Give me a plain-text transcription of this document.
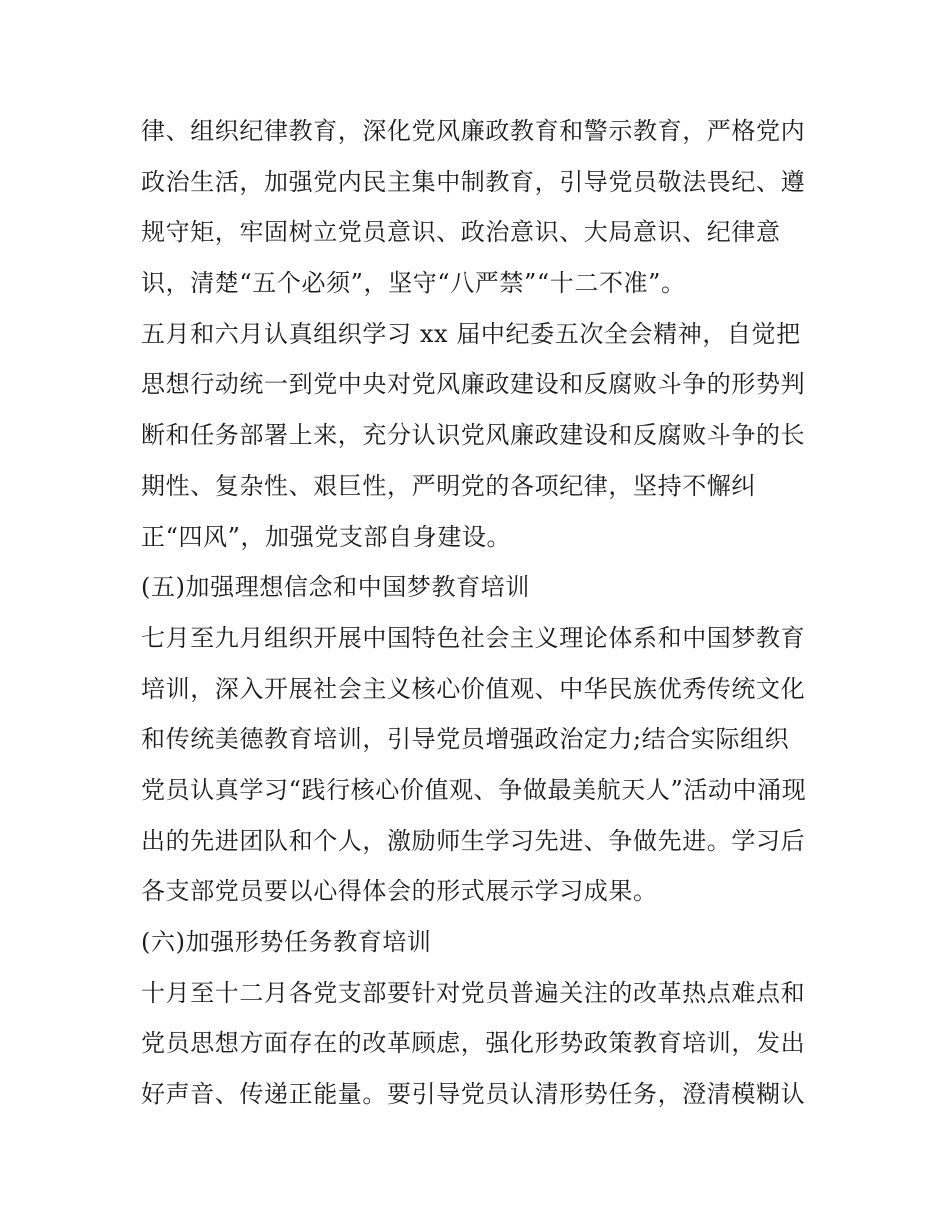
律、组织纪律教育，深化党风廉政教育和警示教育，严格党内
政治生活，加强党内民主集中制教育，引导党员敬法畏纪、遵
规守矩，牢固树立党员意识、政治意识、大局意识、纪律意
识，清楚“五个必须”，坚守“八严禁”“十二不准”。
五月和六月认真组织学习 xx 届中纪委五次全会精神，自觉把
思想行动统一到党中央对党风廉政建设和反腐败斗争的形势判
断和任务部署上来，充分认识党风廉政建设和反腐败斗争的长
期性、复杂性、艰巨性，严明党的各项纪律，坚持不懈纠
正“四风”，加强党支部自身建设。
(五)加强理想信念和中国梦教育培训
七月至九月组织开展中国特色社会主义理论体系和中国梦教育
培训，深入开展社会主义核心价值观、中华民族优秀传统文化
和传统美德教育培训，引导党员增强政治定力;结合实际组织
党员认真学习“践行核心价值观、争做最美航天人”活动中涌现
出的先进团队和个人，激励师生学习先进、争做先进。学习后
各支部党员要以心得体会的形式展示学习成果。
(六)加强形势任务教育培训
十月至十二月各党支部要针对党员普遍关注的改革热点难点和
党员思想方面存在的改革顾虑，强化形势政策教育培训，发出
好声音、传递正能量。要引导党员认清形势任务，澄清模糊认
